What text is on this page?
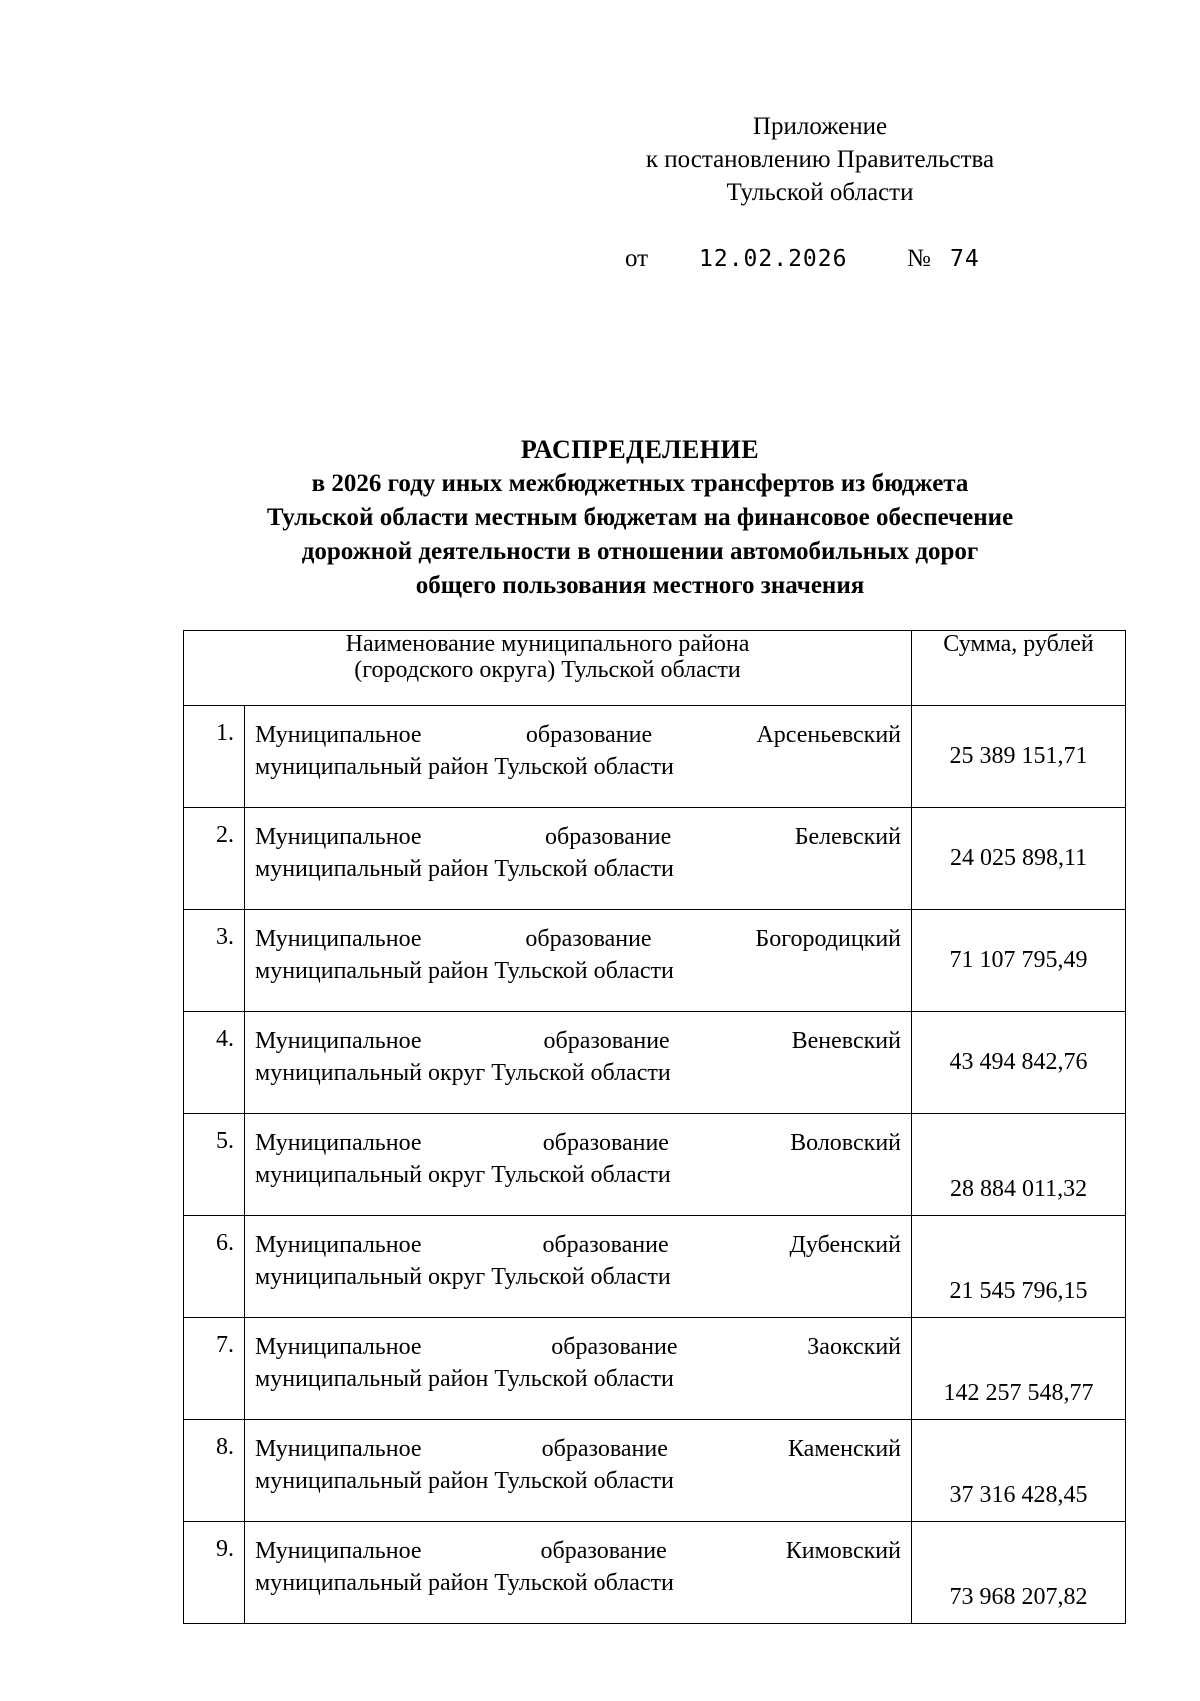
Приложение
к постановлению Правительства
Тульской области
от 12.02.2026 № 74
РАСПРЕДЕЛЕНИЕ
в 2026 году иных межбюджетных трансфертов из бюджета
Тульской области местным бюджетам на финансовое обеспечение
дорожной деятельности в отношении автомобильных дорог
общего пользования местного значения
Наименование муниципального района
(городского округа) Тульской области		Сумма, рублей
1.	Муниципальное образование Арсеньевский
муниципальный район Тульской области	25 389 151,71
2.	Муниципальное образование Белевский
муниципальный район Тульской области	24 025 898,11
3.	Муниципальное образование Богородицкий
муниципальный район Тульской области	71 107 795,49
4.	Муниципальное образование Веневский
муниципальный округ Тульской области	43 494 842,76
5.	Муниципальное образование Воловский
муниципальный округ Тульской области	28 884 011,32
6.	Муниципальное образование Дубенский
муниципальный округ Тульской области	21 545 796,15
7.	Муниципальное образование Заокский
муниципальный район Тульской области	142 257 548,77
8.	Муниципальное образование Каменский
муниципальный район Тульской области	37 316 428,45
9.	Муниципальное образование Кимовский
муниципальный район Тульской области	73 968 207,82
